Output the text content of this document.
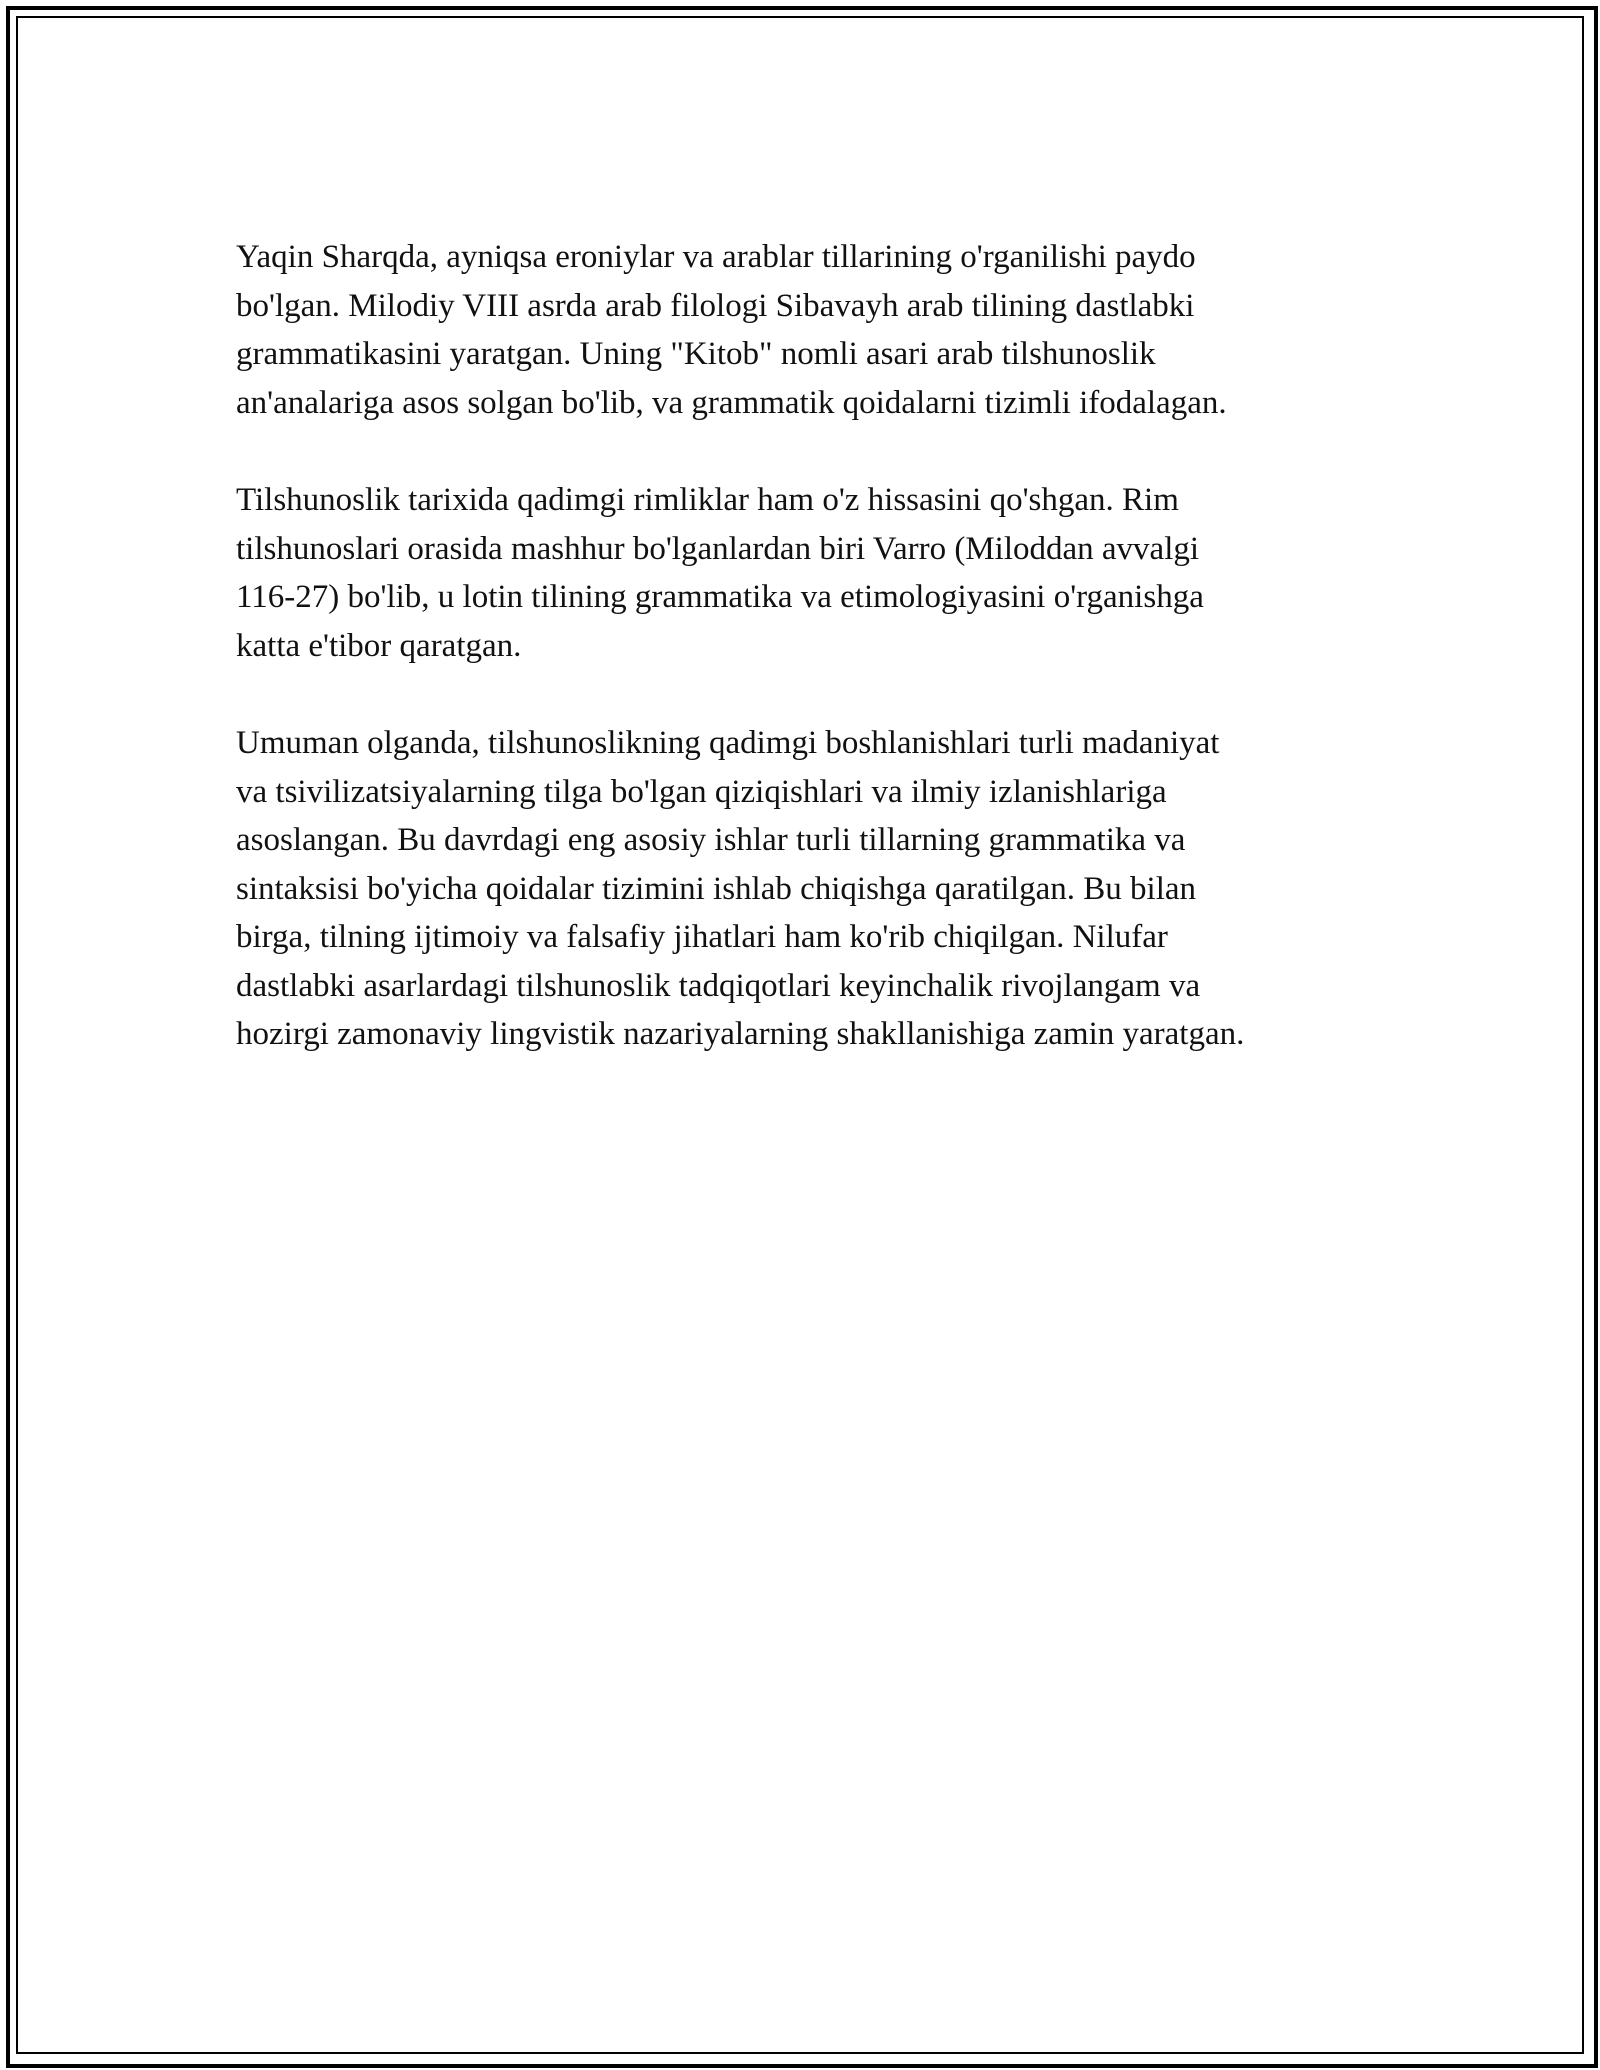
Yaqin Sharqda, ayniqsa eroniylar va arablar tillarining o'rganilishi paydo
bo'lgan. Milodiy VIII asrda arab filologi Sibavayh arab tilining dastlabki
grammatikasini yaratgan. Uning "Kitob" nomli asari arab tilshunoslik
an'analariga asos solgan bo'lib, va grammatik qoidalarni tizimli ifodalagan.

Tilshunoslik tarixida qadimgi rimliklar ham o'z hissasini qo'shgan. Rim
tilshunoslari orasida mashhur bo'lganlardan biri Varro (Miloddan avvalgi
116-27) bo'lib, u lotin tilining grammatika va etimologiyasini o'rganishga
katta e'tibor qaratgan.

Umuman olganda, tilshunoslikning qadimgi boshlanishlari turli madaniyat
va tsivilizatsiyalarning tilga bo'lgan qiziqishlari va ilmiy izlanishlariga
asoslangan. Bu davrdagi eng asosiy ishlar turli tillarning grammatika va
sintaksisi bo'yicha qoidalar tizimini ishlab chiqishga qaratilgan. Bu bilan
birga, tilning ijtimoiy va falsafiy jihatlari ham ko'rib chiqilgan. Nilufar
dastlabki asarlardagi tilshunoslik tadqiqotlari keyinchalik rivojlangam va
hozirgi zamonaviy lingvistik nazariyalarning shakllanishiga zamin yaratgan.
